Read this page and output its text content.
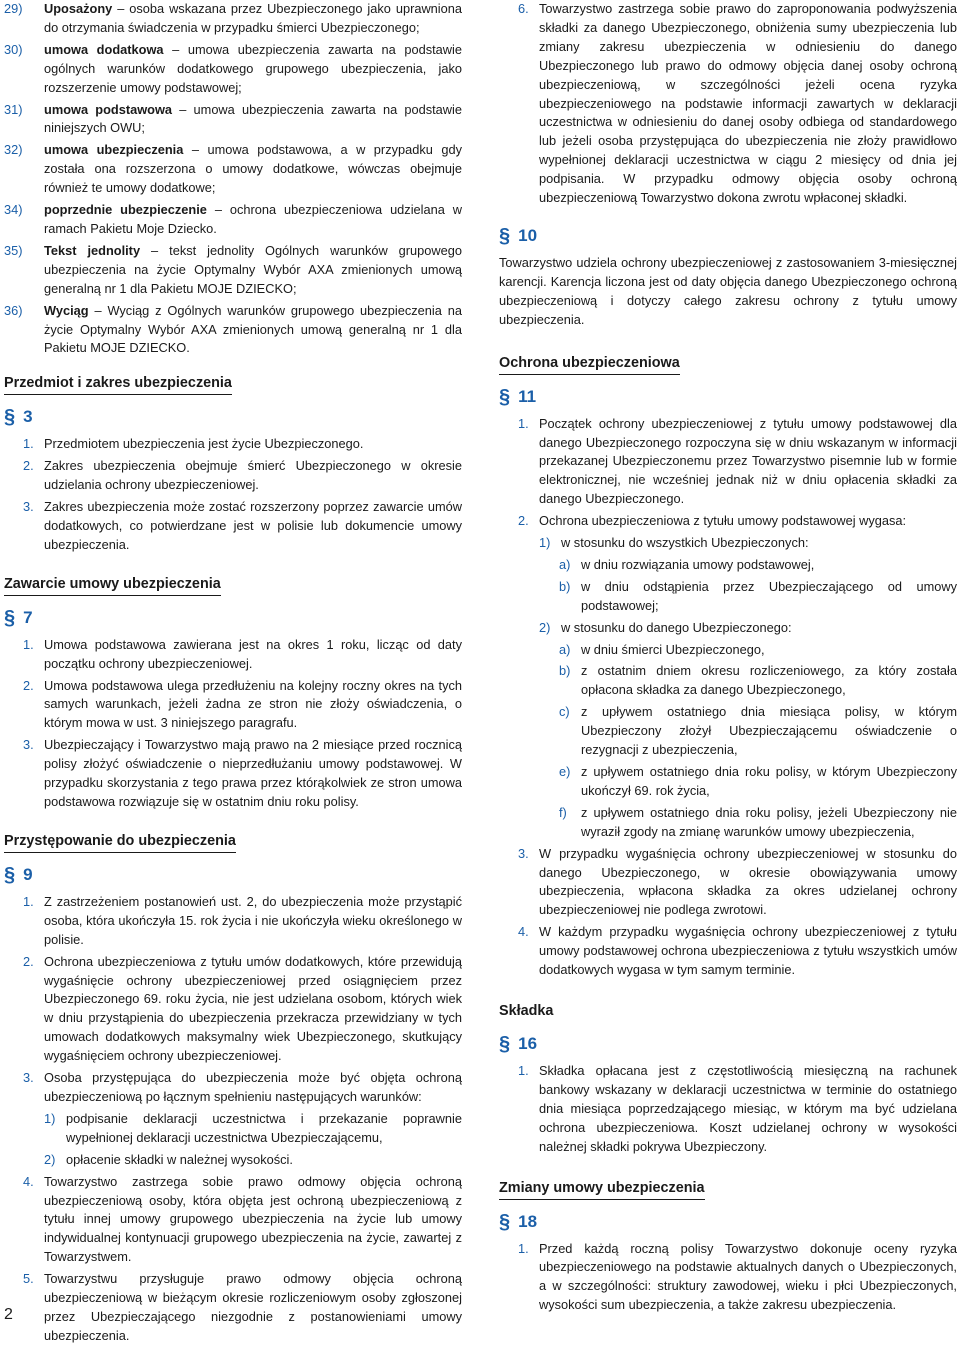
29)	Uposażony – osoba wskazana przez Ubezpieczonego jako uprawniona do otrzymania świadczenia w przypadku śmierci Ubezpieczonego;
30)	umowa dodatkowa – umowa ubezpieczenia zawarta na podstawie ogólnych warunków dodatkowego grupowego ubezpieczenia, jako rozszerzenie umowy podstawowej;
31)	umowa podstawowa – umowa ubezpieczenia zawarta na podstawie niniejszych OWU;
32)	umowa ubezpieczenia – umowa podstawowa, a w przypadku gdy została ona rozszerzona o umowy dodatkowe, wówczas obejmuje również te umowy dodatkowe;
34)	poprzednie ubezpieczenie – ochrona ubezpieczeniowa udzielana w ramach Pakietu Moje Dziecko.
35)	Tekst jednolity – tekst jednolity Ogólnych warunków grupowego ubezpieczenia na życie Optymalny Wybór AXA zmienionych umową generalną nr 1 dla Pakietu MOJE DZIECKO;
36)	Wyciąg – Wyciąg z Ogólnych warunków grupowego ubezpieczenia na życie Optymalny Wybór AXA zmienionych umową generalną nr 1 dla Pakietu MOJE DZIECKO.
Przedmiot i zakres ubezpieczenia
§ 3
1. Przedmiotem ubezpieczenia jest życie Ubezpieczonego.
2. Zakres ubezpieczenia obejmuje śmierć Ubezpieczonego w okresie udzielania ochrony ubezpieczeniowej.
3. Zakres ubezpieczenia może zostać rozszerzony poprzez zawarcie umów dodatkowych, co potwierdzane jest w polisie lub dokumencie umowy ubezpieczenia.
Zawarcie umowy ubezpieczenia
§ 7
1. Umowa podstawowa zawierana jest na okres 1 roku, licząc od daty początku ochrony ubezpieczeniowej.
2. Umowa podstawowa ulega przedłużeniu na kolejny roczny okres na tych samych warunkach, jeżeli żadna ze stron nie złoży oświadczenia, o którym mowa w ust. 3 niniejszego paragrafu.
3. Ubezpieczający i Towarzystwo mają prawo na 2 miesiące przed rocznicą polisy złożyć oświadczenie o nieprzedłużaniu umowy podstawowej. W przypadku skorzystania z tego prawa przez którąkolwiek ze stron umowa podstawowa rozwiązuje się w ostatnim dniu roku polisy.
Przystępowanie do ubezpieczenia
§ 9
1. Z zastrzeżeniem postanowień ust. 2, do ubezpieczenia może przystąpić osoba, która ukończyła 15. rok życia i nie ukończyła wieku określonego w polisie.
2. Ochrona ubezpieczeniowa z tytułu umów dodatkowych, które przewidują wygaśnięcie ochrony ubezpieczeniowej przed osiągnięciem przez Ubezpieczonego 69. roku życia, nie jest udzielana osobom, których wiek w dniu przystąpienia do ubezpieczenia przekracza przewidziany w tych umowach dodatkowych maksymalny wiek Ubezpieczonego, skutkujący wygaśnięciem ochrony ubezpieczeniowej.
3. Osoba przystępująca do ubezpieczenia może być objęta ochroną ubezpieczeniową po łącznym spełnieniu następujących warunków:
1) podpisanie deklaracji uczestnictwa i przekazanie poprawnie wypełnionej deklaracji uczestnictwa Ubezpieczającemu,
2) opłacenie składki w należnej wysokości.
4. Towarzystwo zastrzega sobie prawo odmowy objęcia ochroną ubezpieczeniową osoby, która objęta jest ochroną ubezpieczeniową z tytułu innej umowy grupowego ubezpieczenia na życie lub umowy indywidualnej kontynuacji grupowego ubezpieczenia na życie, zawartej z Towarzystwem.
5. Towarzystwu przysługuje prawo odmowy objęcia ochroną ubezpieczeniową w bieżącym okresie rozliczeniowym osoby zgłoszonej przez Ubezpieczającego niezgodnie z postanowieniami umowy ubezpieczenia.
6. Towarzystwo zastrzega sobie prawo do zaproponowania podwyższenia składki za danego Ubezpieczonego, obniżenia sumy ubezpieczenia lub zmiany zakresu ubezpieczenia w odniesieniu do danego Ubezpieczonego lub prawo do odmowy objęcia danej osoby ochroną ubezpieczeniową, w szczególności jeżeli ocena ryzyka ubezpieczeniowego na podstawie informacji zawartych w deklaracji uczestnictwa w odniesieniu do danej osoby odbiega od standardowego lub jeżeli osoba przystępująca do ubezpieczenia nie złoży prawidłowo wypełnionej deklaracji uczestnictwa w ciągu 2 miesięcy od dnia jej podpisania. W przypadku odmowy objęcia osoby ochroną ubezpieczeniową Towarzystwo dokona zwrotu wpłaconej składki.
§ 10
Towarzystwo udziela ochrony ubezpieczeniowej z zastosowaniem 3-miesięcznej karencji. Karencja liczona jest od daty objęcia danego Ubezpieczonego ochroną ubezpieczeniową i dotyczy całego zakresu ochrony z tytułu umowy ubezpieczenia.
Ochrona ubezpieczeniowa
§ 11
1. Początek ochrony ubezpieczeniowej z tytułu umowy podstawowej dla danego Ubezpieczonego rozpoczyna się w dniu wskazanym w informacji przekazanej Ubezpieczonemu przez Towarzystwo pisemnie lub w formie elektronicznej, nie wcześniej jednak niż w dniu opłacenia składki za danego Ubezpieczonego.
2. Ochrona ubezpieczeniowa z tytułu umowy podstawowej wygasa:
1) w stosunku do wszystkich Ubezpieczonych:
a) w dniu rozwiązania umowy podstawowej,
b) w dniu odstąpienia przez Ubezpieczającego od umowy podstawowej;
2) w stosunku do danego Ubezpieczonego:
a) w dniu śmierci Ubezpieczonego,
b) z ostatnim dniem okresu rozliczeniowego, za który została opłacona składka za danego Ubezpieczonego,
c) z upływem ostatniego dnia miesiąca polisy, w którym Ubezpieczony złożył Ubezpieczającemu oświadczenie o rezygnacji z ubezpieczenia,
e) z upływem ostatniego dnia roku polisy, w którym Ubezpieczony ukończył 69. rok życia,
f)	z upływem ostatniego dnia roku polisy, jeżeli Ubezpieczony nie wyraził zgody na zmianę warunków umowy ubezpieczenia,
3. W przypadku wygaśnięcia ochrony ubezpieczeniowej w stosunku do danego Ubezpieczonego, w okresie obowiązywania umowy ubezpieczenia, wpłacona składka za okres udzielanej ochrony ubezpieczeniowej nie podlega zwrotowi.
4. W każdym przypadku wygaśnięcia ochrony ubezpieczeniowej z tytułu umowy podstawowej ochrona ubezpieczeniowa z tytułu wszystkich umów dodatkowych wygasa w tym samym terminie.
Składka
§ 16
1. Składka opłacana jest z częstotliwością miesięczną na rachunek bankowy wskazany w deklaracji uczestnictwa w terminie do ostatniego dnia miesiąca poprzedzającego miesiąc, w którym ma być udzielana ochrona ubezpieczeniowa. Koszt udzielanej ochrony w wysokości należnej składki pokrywa Ubezpieczony.
Zmiany umowy ubezpieczenia
§ 18
1. Przed każdą roczną polisy Towarzystwo dokonuje oceny ryzyka ubezpieczeniowego na podstawie aktualnych danych o Ubezpieczonych, a w szczególności: struktury zawodowej, wieku i płci Ubezpieczonych, wysokości sum ubezpieczenia, a także zakresu ubezpieczenia.
2
